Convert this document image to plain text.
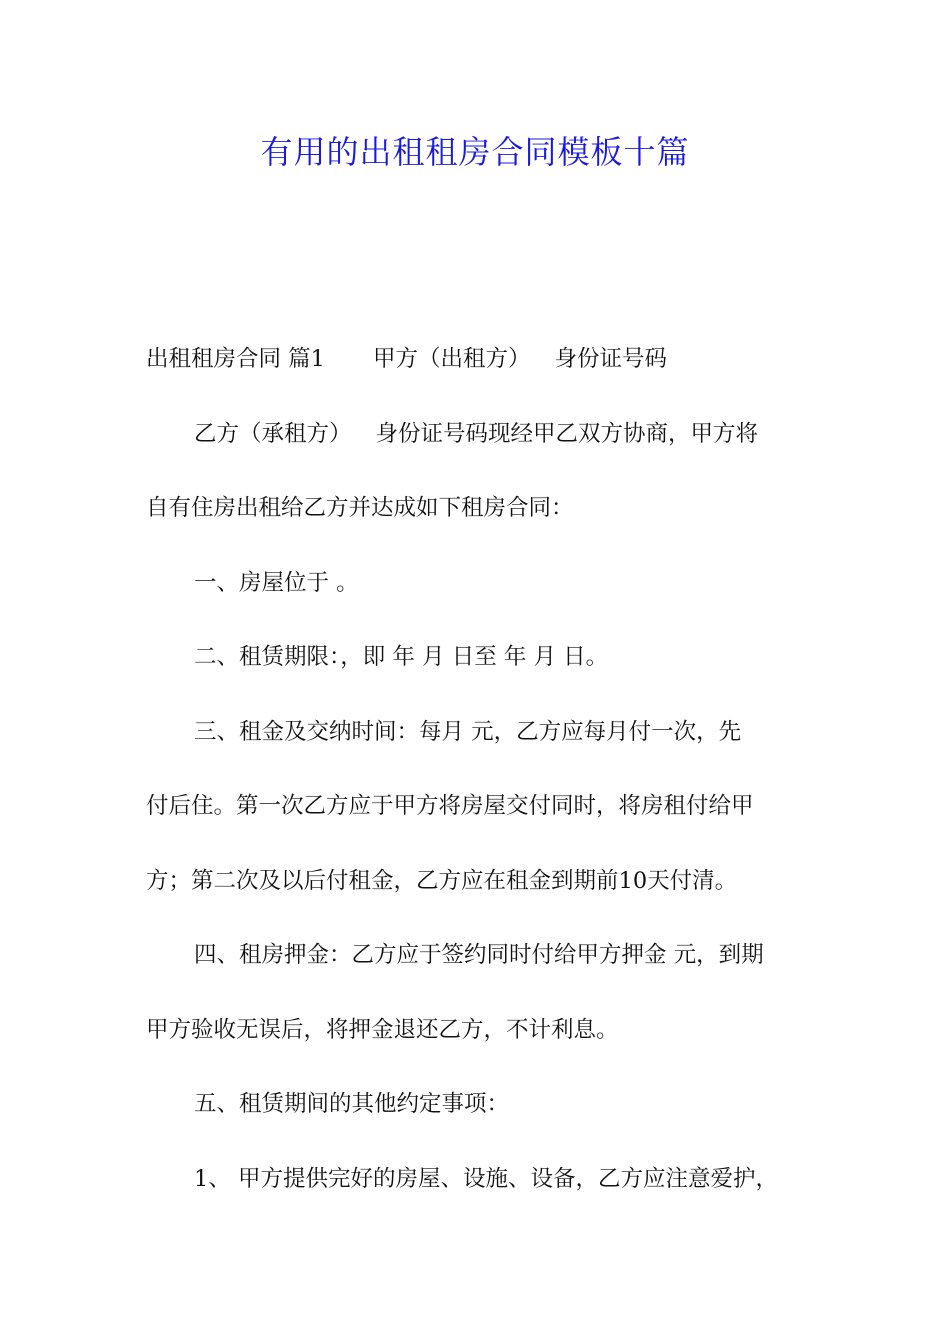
有用的出租租房合同模板十篇
出租租房合同 篇1 甲方（出租方） 身份证号码
乙方（承租方） 身份证号码现经甲乙双方协商，甲方将
自有住房出租给乙方并达成如下租房合同：
一、房屋位于 。
二、租赁期限：，即 年 月 日至 年 月 日。
三、租金及交纳时间：每月 元，乙方应每月付一次，先
付后住。第一次乙方应于甲方将房屋交付同时，将房租付给甲
方；第二次及以后付租金，乙方应在租金到期前10天付清。
四、租房押金：乙方应于签约同时付给甲方押金 元，到期
甲方验收无误后，将押金退还乙方，不计利息。
五、租赁期间的其他约定事项：
1、 甲方提供完好的房屋、设施、设备，乙方应注意爱护，
